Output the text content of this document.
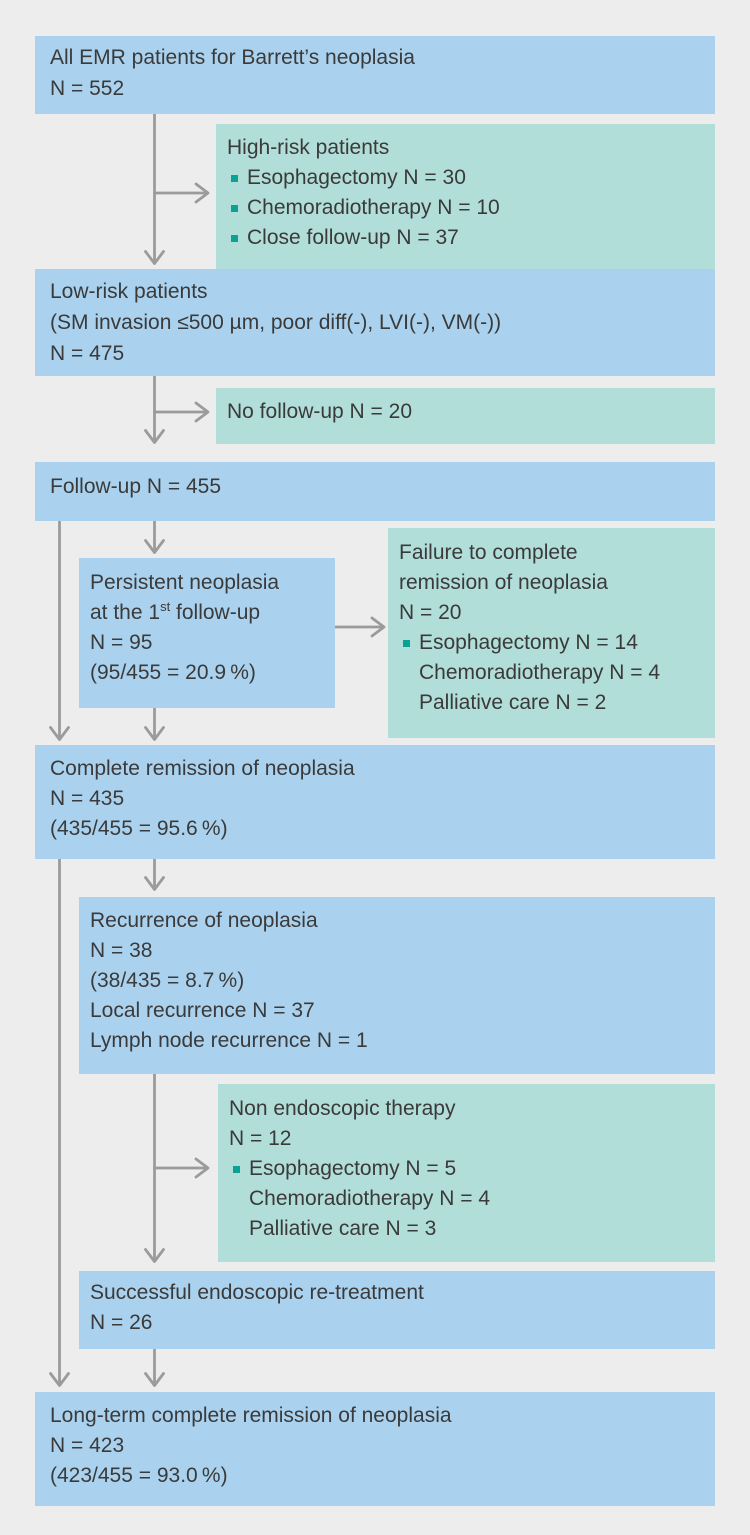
All EMR patients for Barrett’s neoplasia
N = 552
High-risk patients
Esophagectomy N = 30
Chemoradiotherapy N = 10
Close follow-up N = 37
Low-risk patients
(SM invasion ≤500 µm, poor diff(-), LVI(-), VM(-))
N = 475
No follow-up N = 20
Follow-up N = 455
Persistent neoplasia
at the 1st follow-up
N = 95
(95/455 = 20.9 %)
Failure to complete
remission of neoplasia
N = 20
Esophagectomy N = 14
Chemoradiotherapy N = 4
Palliative care N = 2
Complete remission of neoplasia
N = 435
(435/455 = 95.6 %)
Recurrence of neoplasia
N = 38
(38/435 = 8.7 %)
Local recurrence N = 37
Lymph node recurrence N = 1
Non endoscopic therapy
N = 12
Esophagectomy N = 5
Chemoradiotherapy N = 4
Palliative care N = 3
Successful endoscopic re-treatment
N = 26
Long-term complete remission of neoplasia
N = 423
(423/455 = 93.0 %)
